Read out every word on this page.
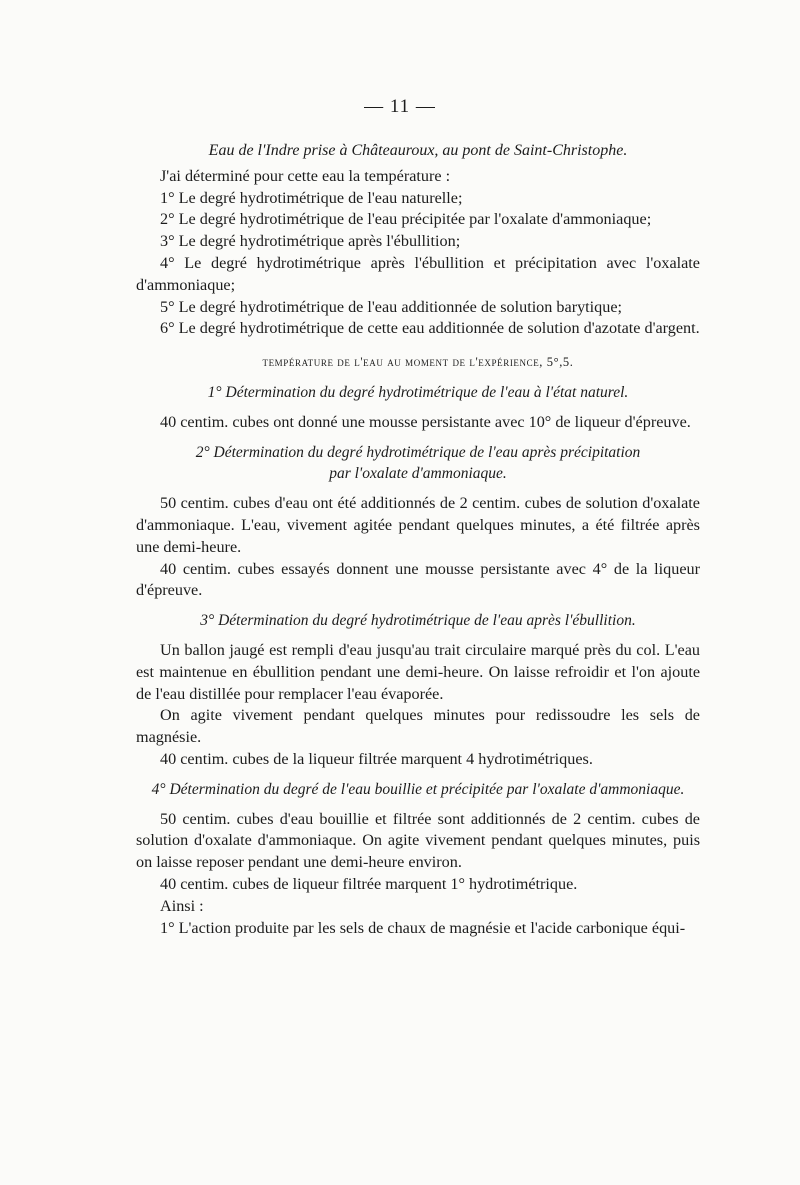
— 11 —

Eau de l'Indre prise à Châteauroux, au pont de Saint-Christophe.

J'ai déterminé pour cette eau la température :

1° Le degré hydrotimétrique de l'eau naturelle;

2° Le degré hydrotimétrique de l'eau précipitée par l'oxalate d'ammoniaque;

3° Le degré hydrotimétrique après l'ébullition;

4° Le degré hydrotimétrique après l'ébullition et précipitation avec l'oxalate d'ammoniaque;

5° Le degré hydrotimétrique de l'eau additionnée de solution barytique;

6° Le degré hydrotimétrique de cette eau additionnée de solution d'azotate d'argent.

température de l'eau au moment de l'expérience, 5°,5.

1° Détermination du degré hydrotimétrique de l'eau à l'état naturel.

40 centim. cubes ont donné une mousse persistante avec 10° de liqueur d'épreuve.

2° Détermination du degré hydrotimétrique de l'eau après précipitation

par l'oxalate d'ammoniaque.

50 centim. cubes d'eau ont été additionnés de 2 centim. cubes de solution d'oxalate d'ammoniaque. L'eau, vivement agitée pendant quelques minutes, a été filtrée après une demi-heure.

40 centim. cubes essayés donnent une mousse persistante avec 4° de la liqueur d'épreuve.

3° Détermination du degré hydrotimétrique de l'eau après l'ébullition.

Un ballon jaugé est rempli d'eau jusqu'au trait circulaire marqué près du col. L'eau est maintenue en ébullition pendant une demi-heure. On laisse refroidir et l'on ajoute de l'eau distillée pour remplacer l'eau évaporée.

On agite vivement pendant quelques minutes pour redissoudre les sels de magnésie.

40 centim. cubes de la liqueur filtrée marquent 4 hydrotimétriques.

4° Détermination du degré de l'eau bouillie et précipitée par l'oxalate d'ammoniaque.

50 centim. cubes d'eau bouillie et filtrée sont additionnés de 2 centim. cubes de solution d'oxalate d'ammoniaque. On agite vivement pendant quelques minutes, puis on laisse reposer pendant une demi-heure environ.

40 centim. cubes de liqueur filtrée marquent 1° hydrotimétrique.

Ainsi :

1° L'action produite par les sels de chaux de magnésie et l'acide carbonique équi-
